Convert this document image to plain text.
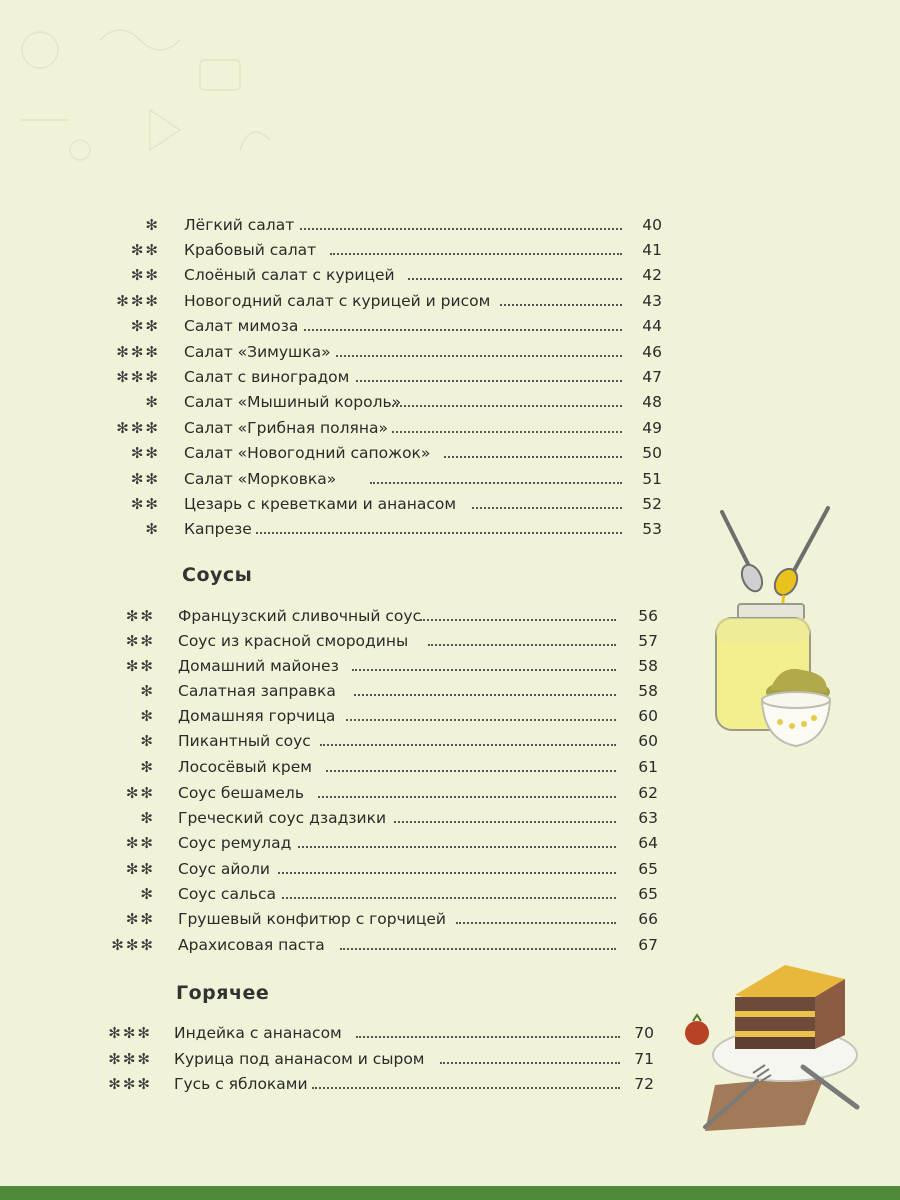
✻ Лёгкий салат	40
✻✻ Крабовый салат	41
✻✻ Слоёный салат с курицей	42
✻✻✻ Новогодний салат с курицей и рисом	43
✻✻ Салат мимоза	44
✻✻✻ Салат «Зимушка»	46
✻✻✻ Салат с виноградом	47
✻ Салат «Мышиный король»	48
✻✻✻ Салат «Грибная поляна»	49
✻✻ Салат «Новогодний сапожок»	50
✻✻ Салат «Морковка»	51
✻✻ Цезарь с креветками и ананасом	52
✻ Капрезе	53
Соусы
✻✻ Французский сливочный соус	56
✻✻ Соус из красной смородины	57
✻✻ Домашний майонез	58
✻ Салатная заправка	58
✻ Домашняя горчица	60
✻ Пикантный соус	60
✻ Лососёвый крем	61
✻✻ Соус бешамель	62
✻ Греческий соус дзадзики	63
✻✻ Соус ремулад	64
✻✻ Соус айоли	65
✻ Соус сальса	65
✻✻ Грушевый конфитюр с горчицей	66
✻✻✻ Арахисовая паста	67
Горячее
✻✻✻ Индейка с ананасом	70
✻✻✻ Курица под ананасом и сыром	71
✻✻✻ Гусь с яблоками	72
